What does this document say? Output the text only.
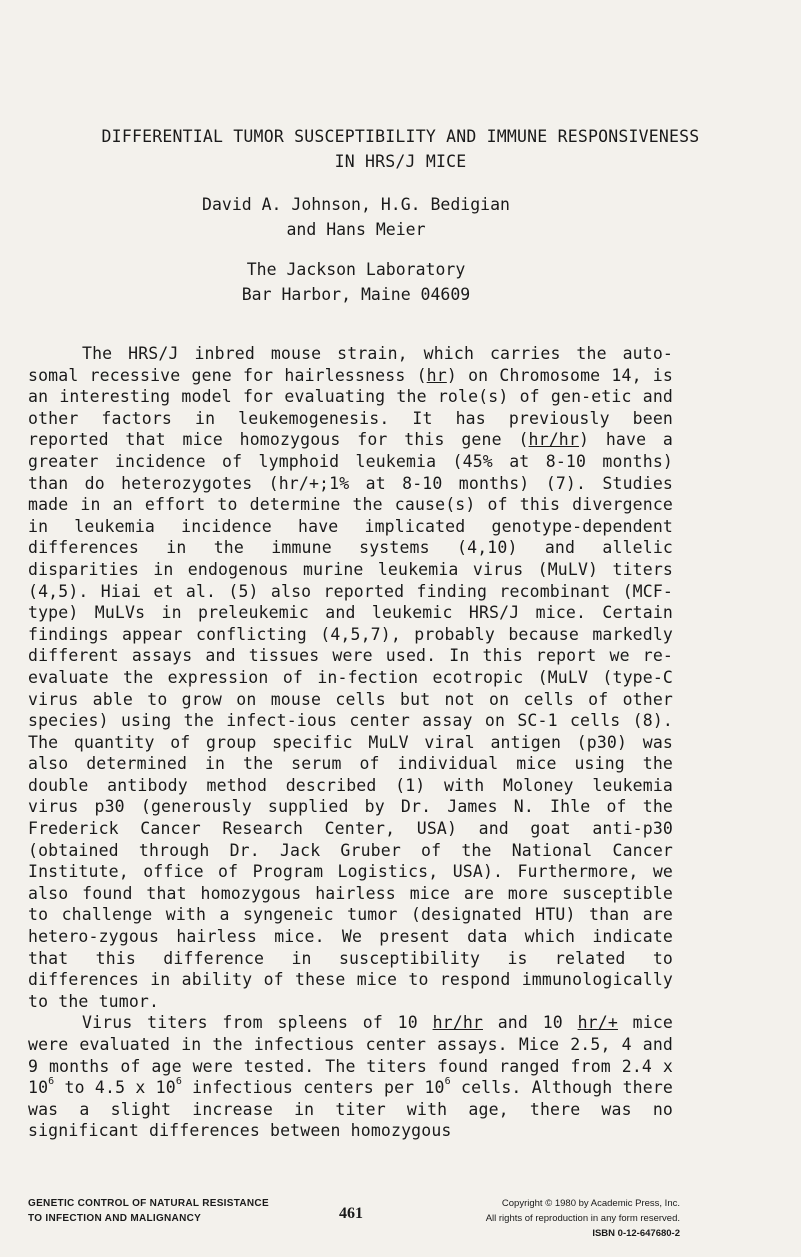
DIFFERENTIAL TUMOR SUSCEPTIBILITY AND IMMUNE RESPONSIVENESS
IN HRS/J MICE
David A. Johnson, H.G. Bedigian
and Hans Meier
The Jackson Laboratory
Bar Harbor, Maine 04609

The HRS/J inbred mouse strain, which carries the auto-somal recessive gene for hairlessness (hr) on Chromosome 14, is an interesting model for evaluating the role(s) of gen-etic and other factors in leukemogenesis. It has previously been reported that mice homozygous for this gene (hr/hr) have a greater incidence of lymphoid leukemia (45% at 8-10 months) than do heterozygotes (hr/+;1% at 8-10 months) (7). Studies made in an effort to determine the cause(s) of this divergence in leukemia incidence have implicated genotype-dependent differences in the immune systems (4,10) and allelic disparities in endogenous murine leukemia virus (MuLV) titers (4,5). Hiai et al. (5) also reported finding recombinant (MCF-type) MuLVs in preleukemic and leukemic HRS/J mice. Certain findings appear conflicting (4,5,7), probably because markedly different assays and tissues were used. In this report we re-evaluate the expression of in-fection ecotropic (MuLV (type-C virus able to grow on mouse cells but not on cells of other species) using the infect-ious center assay on SC-1 cells (8). The quantity of group specific MuLV viral antigen (p30) was also determined in the serum of individual mice using the double antibody method described (1) with Moloney leukemia virus p30 (generously supplied by Dr. James N. Ihle of the Frederick Cancer Research Center, USA) and goat anti-p30 (obtained through Dr. Jack Gruber of the National Cancer Institute, office of Program Logistics, USA). Furthermore, we also found that homozygous hairless mice are more susceptible to challenge with a syngeneic tumor (designated HTU) than are hetero-zygous hairless mice. We present data which indicate that this difference in susceptibility is related to differences in ability of these mice to respond immunologically to the tumor.

Virus titers from spleens of 10 hr/hr and 10 hr/+ mice were evaluated in the infectious center assays. Mice 2.5, 4 and 9 months of age were tested. The titers found ranged from 2.4 x $10^6$ to 4.5 x $10^6$ infectious centers per $10^6$ cells. Although there was a slight increase in titer with age, there was no significant differences between homozygous

GENETIC CONTROL OF NATURAL RESISTANCE
TO INFECTION AND MALIGNANCY	461
Copyright © 1980 by Academic Press, Inc.
All rights of reproduction in any form reserved.
ISBN 0-12-647680-2
